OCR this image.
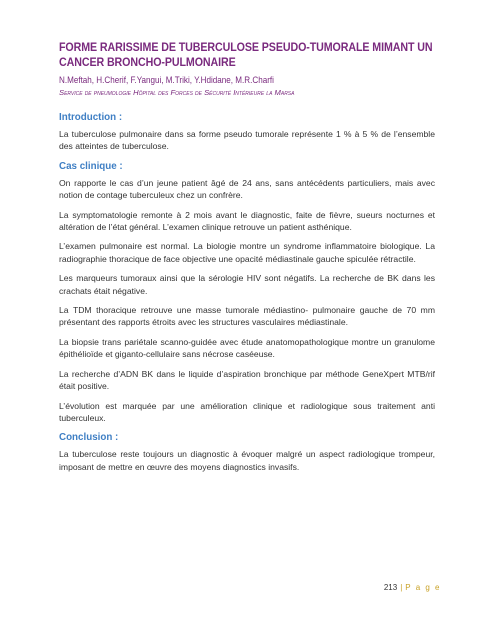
FORME RARISSIME DE TUBERCULOSE PSEUDO-TUMORALE MIMANT UN CANCER BRONCHO-PULMONAIRE
N.Meftah, H.Cherif, F.Yangui, M.Triki, Y.Hdidane, M.R.Charfi
Service de pneumologie Hôpital des Forces de Sécurité Intérieure la Marsa
Introduction :

La tuberculose pulmonaire dans sa forme pseudo tumorale représente 1 % à 5 % de l’ensemble des atteintes de tuberculose.

Cas clinique :

On rapporte le cas d’un jeune patient âgé de 24 ans, sans antécédents particuliers, mais avec notion de contage tuberculeux chez un confrère.

La symptomatologie remonte à 2 mois avant le diagnostic, faite de fièvre, sueurs nocturnes et altération de l’état général. L’examen clinique retrouve un patient asthénique.

L’examen pulmonaire est normal. La biologie montre un syndrome inflammatoire biologique. La radiographie thoracique de face objective une opacité médiastinale gauche spiculée rétractile.

Les marqueurs tumoraux ainsi que la sérologie HIV sont négatifs. La recherche de BK dans les crachats était négative.

La TDM thoracique retrouve une masse tumorale médiastino- pulmonaire gauche de 70 mm présentant des rapports étroits avec les structures vasculaires médiastinale.

La biopsie trans pariétale scanno-guidée avec étude anatomopathologique montre un granulome épithélioïde et giganto-cellulaire sans nécrose caséeuse.

La recherche d’ADN BK dans le liquide d’aspiration bronchique par méthode GeneXpert MTB/rif était positive.

L’évolution est marquée par une amélioration clinique et radiologique sous traitement anti tuberculeux.

Conclusion :

La tuberculose reste toujours un diagnostic à évoquer malgré un aspect radiologique trompeur, imposant de mettre en œuvre des moyens diagnostics invasifs.

213 | P a g e
